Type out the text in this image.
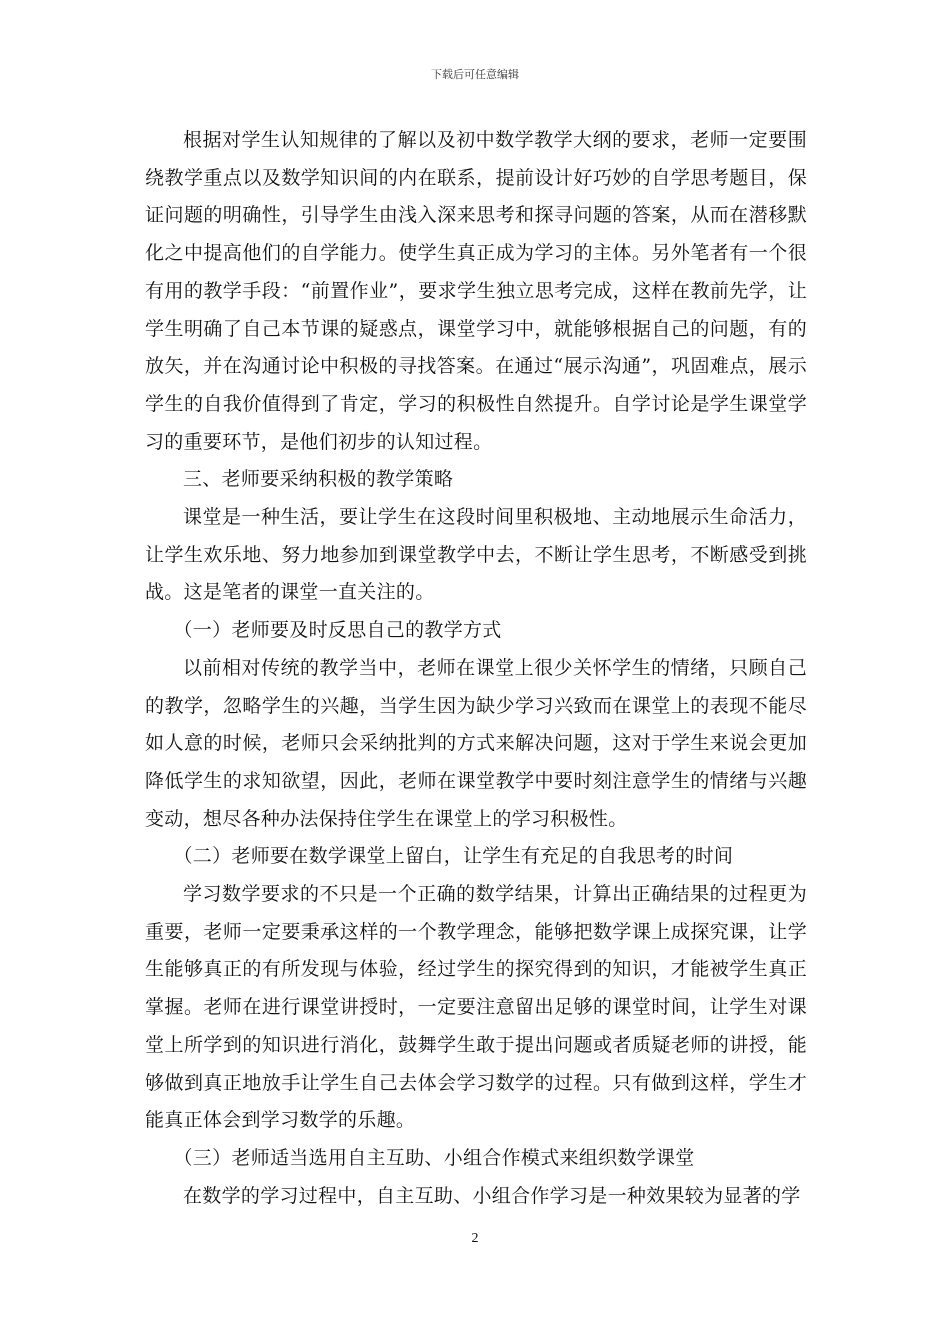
下载后可任意编辑

根据对学生认知规律的了解以及初中数学教学大纲的要求，老师一定要围绕教学重点以及数学知识间的内在联系，提前设计好巧妙的自学思考题目，保证问题的明确性，引导学生由浅入深来思考和探寻问题的答案，从而在潜移默化之中提高他们的自学能力。使学生真正成为学习的主体。另外笔者有一个很有用的教学手段：“前置作业”，要求学生独立思考完成，这样在教前先学，让学生明确了自己本节课的疑惑点，课堂学习中，就能够根据自己的问题，有的放矢，并在沟通讨论中积极的寻找答案。在通过“展示沟通”，巩固难点，展示学生的自我价值得到了肯定，学习的积极性自然提升。自学讨论是学生课堂学习的重要环节，是他们初步的认知过程。

三、老师要采纳积极的教学策略

课堂是一种生活，要让学生在这段时间里积极地、主动地展示生命活力，让学生欢乐地、努力地参加到课堂教学中去，不断让学生思考，不断感受到挑战。这是笔者的课堂一直关注的。

（一）老师要及时反思自己的教学方式

以前相对传统的教学当中，老师在课堂上很少关怀学生的情绪，只顾自己的教学，忽略学生的兴趣，当学生因为缺少学习兴致而在课堂上的表现不能尽如人意的时候，老师只会采纳批判的方式来解决问题，这对于学生来说会更加降低学生的求知欲望，因此，老师在课堂教学中要时刻注意学生的情绪与兴趣变动，想尽各种办法保持住学生在课堂上的学习积极性。

（二）老师要在数学课堂上留白，让学生有充足的自我思考的时间

学习数学要求的不只是一个正确的数学结果，计算出正确结果的过程更为重要，老师一定要秉承这样的一个教学理念，能够把数学课上成探究课，让学生能够真正的有所发现与体验，经过学生的探究得到的知识，才能被学生真正掌握。老师在进行课堂讲授时，一定要注意留出足够的课堂时间，让学生对课堂上所学到的知识进行消化，鼓舞学生敢于提出问题或者质疑老师的讲授，能够做到真正地放手让学生自己去体会学习数学的过程。只有做到这样，学生才能真正体会到学习数学的乐趣。

（三）老师适当选用自主互助、小组合作模式来组织数学课堂

在数学的学习过程中，自主互助、小组合作学习是一种效果较为显著的学

2
